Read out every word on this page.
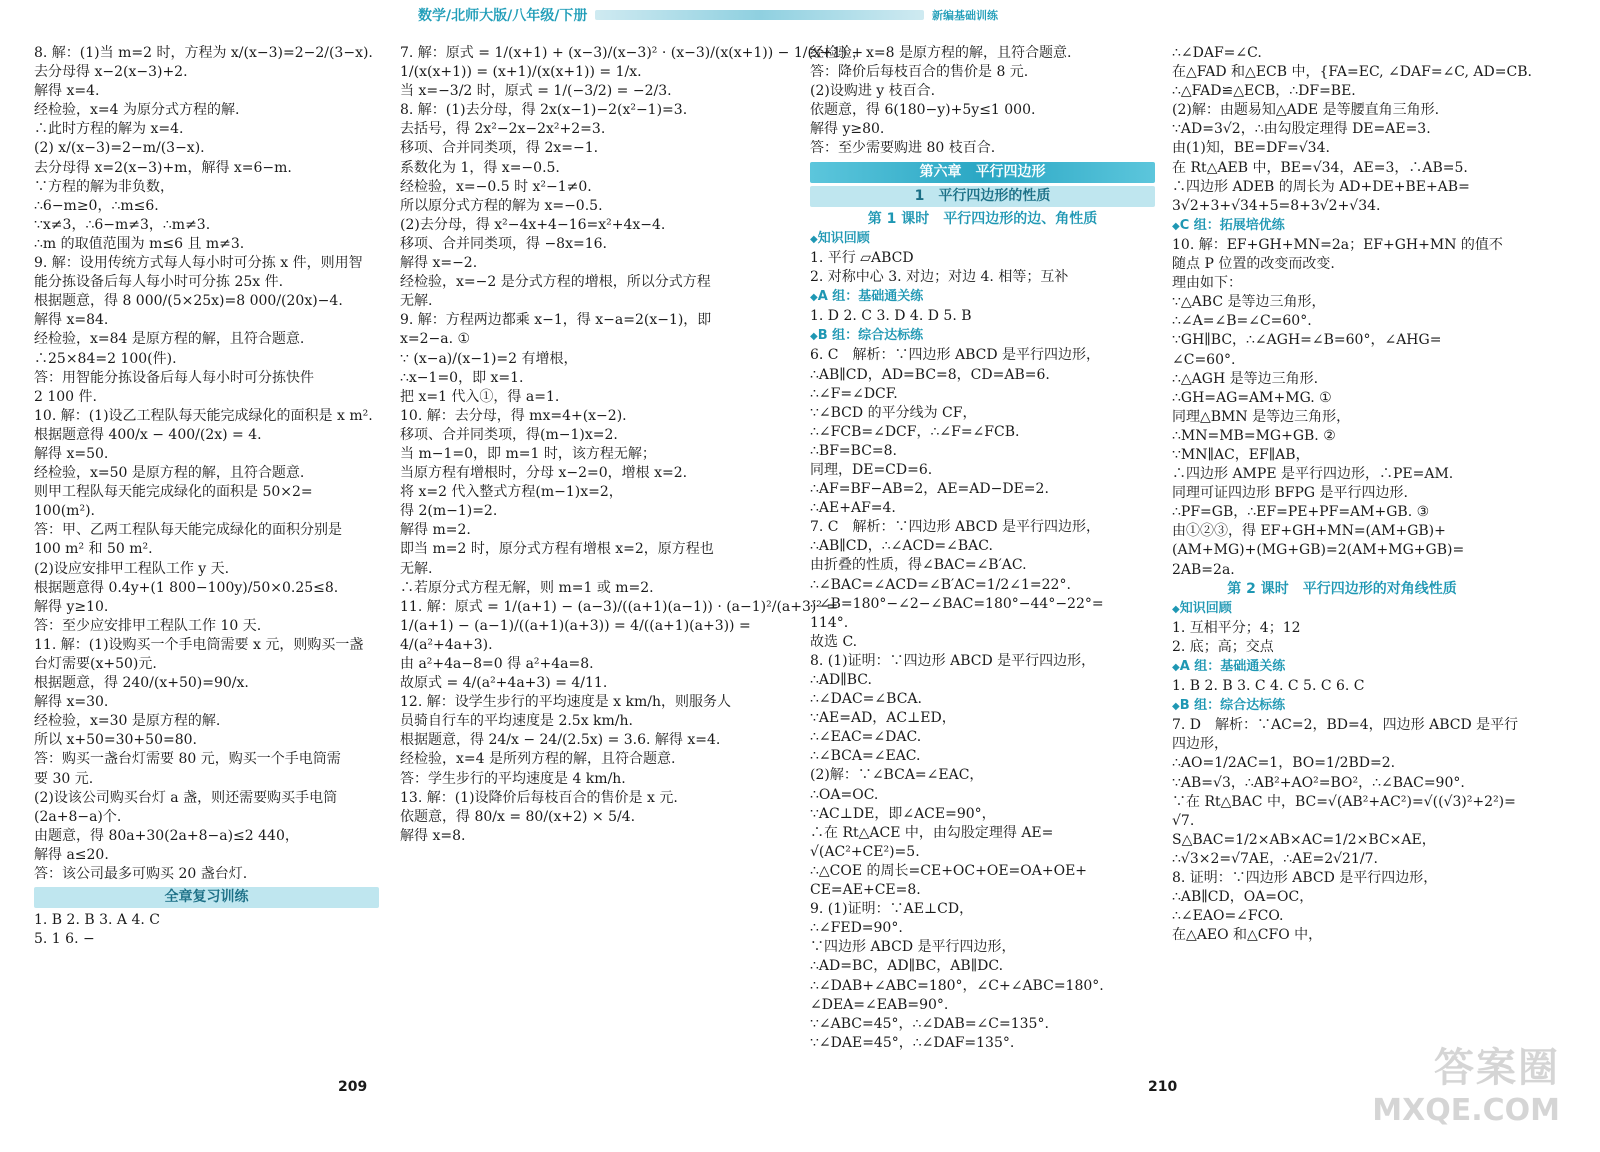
数学/北师大版/八年级/下册	新编基础训练
8. 解：(1)当 m=2 时，方程为 x/(x−3)=2−2/(3−x).
去分母得 x−2(x−3)+2.
解得 x=4.
经检验，x=4 为原分式方程的解.
∴此时方程的解为 x=4.
(2) x/(x−3)=2−m/(3−x).
去分母得 x=2(x−3)+m，解得 x=6−m.
∵方程的解为非负数，
∴6−m≥0，∴m≤6.
∵x≠3，∴6−m≠3，∴m≠3.
∴m 的取值范围为 m≤6 且 m≠3.
9. 解：设用传统方式每人每小时可分拣 x 件，则用智
能分拣设备后每人每小时可分拣 25x 件.
根据题意，得 8 000/(5×25x)=8 000/(20x)−4.
解得 x=84.
经检验，x=84 是原方程的解，且符合题意.
∴25×84=2 100(件).
答：用智能分拣设备后每人每小时可分拣快件
2 100 件.
10. 解：(1)设乙工程队每天能完成绿化的面积是 x m².
根据题意得 400/x − 400/(2x) = 4.
解得 x=50.
经检验，x=50 是原方程的解，且符合题意.
则甲工程队每天能完成绿化的面积是 50×2=
100(m²).
答：甲、乙两工程队每天能完成绿化的面积分别是
100 m² 和 50 m².
(2)设应安排甲工程队工作 y 天.
根据题意得 0.4y+(1 800−100y)/50×0.25≤8.
解得 y≥10.
答：至少应安排甲工程队工作 10 天.
11. 解：(1)设购买一个手电筒需要 x 元，则购买一盏
台灯需要(x+50)元.
根据题意，得 240/(x+50)=90/x.
解得 x=30.
经检验，x=30 是原方程的解.
所以 x+50=30+50=80.
答：购买一盏台灯需要 80 元，购买一个手电筒需
要 30 元.
(2)设该公司购买台灯 a 盏，则还需要购买手电筒
(2a+8−a)个.
由题意，得 80a+30(2a+8−a)≤2 440，
解得 a≤20.
答：该公司最多可购买 20 盏台灯.
全章复习训练
1. B 2. B 3. A 4. C
5. 1 6. −
7. 解：原式 = 1/(x+1) + (x−3)/(x−3)² · (x−3)/(x(x+1)) − 1/(x+1) +
1/(x(x+1)) = (x+1)/(x(x+1)) = 1/x.
当 x=−3/2 时，原式 = 1/(−3/2) = −2/3.
8. 解：(1)去分母，得 2x(x−1)−2(x²−1)=3.
去括号，得 2x²−2x−2x²+2=3.
移项、合并同类项，得 2x=−1.
系数化为 1，得 x=−0.5.
经检验，x=−0.5 时 x²−1≠0.
所以原分式方程的解为 x=−0.5.
(2)去分母，得 x²−4x+4−16=x²+4x−4.
移项、合并同类项，得 −8x=16.
解得 x=−2.
经检验，x=−2 是分式方程的增根，所以分式方程
无解.
9. 解：方程两边都乘 x−1，得 x−a=2(x−1)，即
x=2−a. ①
∵ (x−a)/(x−1)=2 有增根，
∴x−1=0，即 x=1.
把 x=1 代入①，得 a=1.
10. 解：去分母，得 mx=4+(x−2).
移项、合并同类项，得(m−1)x=2.
当 m−1=0，即 m=1 时，该方程无解；
当原方程有增根时，分母 x−2=0，增根 x=2.
将 x=2 代入整式方程(m−1)x=2，
得 2(m−1)=2.
解得 m=2.
即当 m=2 时，原分式方程有增根 x=2，原方程也
无解.
∴若原分式方程无解，则 m=1 或 m=2.
11. 解：原式 = 1/(a+1) − (a−3)/((a+1)(a−1)) · (a−1)²/(a+3)² =
1/(a+1) − (a−1)/((a+1)(a+3)) = 4/((a+1)(a+3)) =
4/(a²+4a+3).
由 a²+4a−8=0 得 a²+4a=8.
故原式 = 4/(a²+4a+3) = 4/11.
12. 解：设学生步行的平均速度是 x km/h，则服务人
员骑自行车的平均速度是 2.5x km/h.
根据题意，得 24/x − 24/(2.5x) = 3.6. 解得 x=4.
经检验，x=4 是所列方程的解，且符合题意.
答：学生步行的平均速度是 4 km/h.
13. 解：(1)设降价后每枝百合的售价是 x 元.
依题意，得 80/x = 80/(x+2) × 5/4.
解得 x=8.
经检验，x=8 是原方程的解，且符合题意.
答：降价后每枝百合的售价是 8 元.
(2)设购进 y 枝百合.
依题意，得 6(180−y)+5y≤1 000.
解得 y≥80.
答：至少需要购进 80 枝百合.
第六章　平行四边形
1　平行四边形的性质
第 1 课时　平行四边形的边、角性质
◆ 知识回顾
1. 平行 ▱ABCD
2. 对称中心 3. 对边；对边 4. 相等；互补
◆ A 组：基础通关练
1. D 2. C 3. D 4. D 5. B
◆ B 组：综合达标练
6. C　解析：∵四边形 ABCD 是平行四边形，
∴AB∥CD，AD=BC=8，CD=AB=6.
∴∠F=∠DCF.
∵∠BCD 的平分线为 CF，
∴∠FCB=∠DCF，∴∠F=∠FCB.
∴BF=BC=8.
同理，DE=CD=6.
∴AF=BF−AB=2，AE=AD−DE=2.
∴AE+AF=4.
7. C　解析：∵四边形 ABCD 是平行四边形，
∴AB∥CD，∴∠ACD=∠BAC.
由折叠的性质，得∠BAC=∠B′AC.
∴∠BAC=∠ACD=∠B′AC=1/2∠1=22°.
∴∠B=180°−∠2−∠BAC=180°−44°−22°=
114°.
故选 C.
8. (1)证明：∵四边形 ABCD 是平行四边形，
∴AD∥BC.
∴∠DAC=∠BCA.
∵AE=AD，AC⊥ED，
∴∠EAC=∠DAC.
∴∠BCA=∠EAC.
(2)解：∵∠BCA=∠EAC，
∴OA=OC.
∵AC⊥DE，即∠ACE=90°，
∴在 Rt△ACE 中，由勾股定理得 AE=
√(AC²+CE²)=5.
∴△COE 的周长=CE+OC+OE=OA+OE+
CE=AE+CE=8.
9. (1)证明：∵AE⊥CD，
∴∠FED=90°.
∵四边形 ABCD 是平行四边形，
∴AD=BC，AD∥BC，AB∥DC.
∴∠DAB+∠ABC=180°，∠C+∠ABC=180°.
∠DEA=∠EAB=90°.
∵∠ABC=45°，∴∠DAB=∠C=135°.
∵∠DAE=45°，∴∠DAF=135°.
∴∠DAF=∠C.
在△FAD 和△ECB 中，{FA=EC, ∠DAF=∠C, AD=CB.
∴△FAD≌△ECB，∴DF=BE.
(2)解：由题易知△ADE 是等腰直角三角形.
∵AD=3√2，∴由勾股定理得 DE=AE=3.
由(1)知，BE=DF=√34.
在 Rt△AEB 中，BE=√34，AE=3，∴AB=5.
∴四边形 ADEB 的周长为 AD+DE+BE+AB=
3√2+3+√34+5=8+3√2+√34.
◆ C 组：拓展培优练
10. 解：EF+GH+MN=2a；EF+GH+MN 的值不
随点 P 位置的改变而改变.
理由如下：
∵△ABC 是等边三角形，
∴∠A=∠B=∠C=60°.
∵GH∥BC，∴∠AGH=∠B=60°，∠AHG=
∠C=60°.
∴△AGH 是等边三角形.
∴GH=AG=AM+MG. ①
同理△BMN 是等边三角形，
∴MN=MB=MG+GB. ②
∵MN∥AC，EF∥AB，
∴四边形 AMPE 是平行四边形，∴PE=AM.
同理可证四边形 BFPG 是平行四边形.
∴PF=GB，∴EF=PE+PF=AM+GB. ③
由①②③，得 EF+GH+MN=(AM+GB)+
(AM+MG)+(MG+GB)=2(AM+MG+GB)=
2AB=2a.
第 2 课时　平行四边形的对角线性质
◆ 知识回顾
1. 互相平分；4；12
2. 底；高；交点
◆ A 组：基础通关练
1. B 2. B 3. C 4. C 5. C 6. C
◆ B 组：综合达标练
7. D　解析：∵AC=2，BD=4，四边形 ABCD 是平行
四边形，
∴AO=1/2AC=1，BO=1/2BD=2.
∵AB=√3，∴AB²+AO²=BO²，∴∠BAC=90°.
∵在 Rt△BAC 中，BC=√(AB²+AC²)=√((√3)²+2²)=
√7.
S△BAC=1/2×AB×AC=1/2×BC×AE，
∴√3×2=√7AE，∴AE=2√21/7.
8. 证明：∵四边形 ABCD 是平行四边形，
∴AB∥CD，OA=OC，
∴∠EAO=∠FCO.
在△AEO 和△CFO 中，
209	210	答案圈
MXQE.COM
